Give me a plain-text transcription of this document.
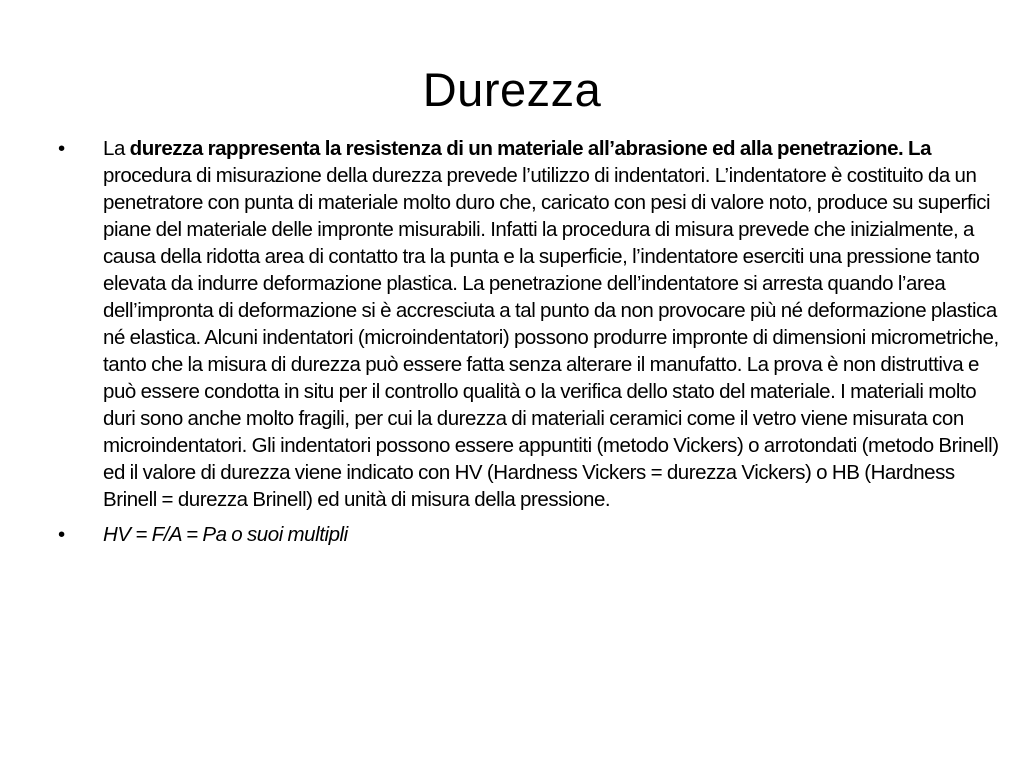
Durezza
•	La durezza rappresenta la resistenza di un materiale all’abrasione ed alla penetrazione. La procedura di misurazione della durezza prevede l’utilizzo di indentatori. L’indentatore è costituito da un penetratore con punta di materiale molto duro che, caricato con pesi di valore noto, produce su superfici piane del materiale delle impronte misurabili. Infatti la procedura di misura prevede che inizialmente, a causa della ridotta area di contatto tra la punta e la superficie, l’indentatore eserciti una pressione tanto elevata da indurre deformazione plastica. La penetrazione dell’indentatore si arresta quando l’area dell’impronta di deformazione si è accresciuta a tal punto da non provocare più né deformazione plastica né elastica. Alcuni indentatori (microindentatori) possono produrre impronte di dimensioni micrometriche, tanto che la misura di durezza può essere fatta senza alterare il manufatto. La prova è non distruttiva e può essere condotta in situ per il controllo qualità o la verifica dello stato del materiale. I materiali molto duri sono anche molto fragili, per cui la durezza di materiali ceramici come il vetro viene misurata con microindentatori. Gli indentatori possono essere appuntiti (metodo Vickers) o arrotondati (metodo Brinell) ed il valore di durezza viene indicato con HV (Hardness Vickers = durezza Vickers) o HB (Hardness Brinell = durezza Brinell) ed unità di misura della pressione.
•	HV = F/A = Pa o suoi multipli
